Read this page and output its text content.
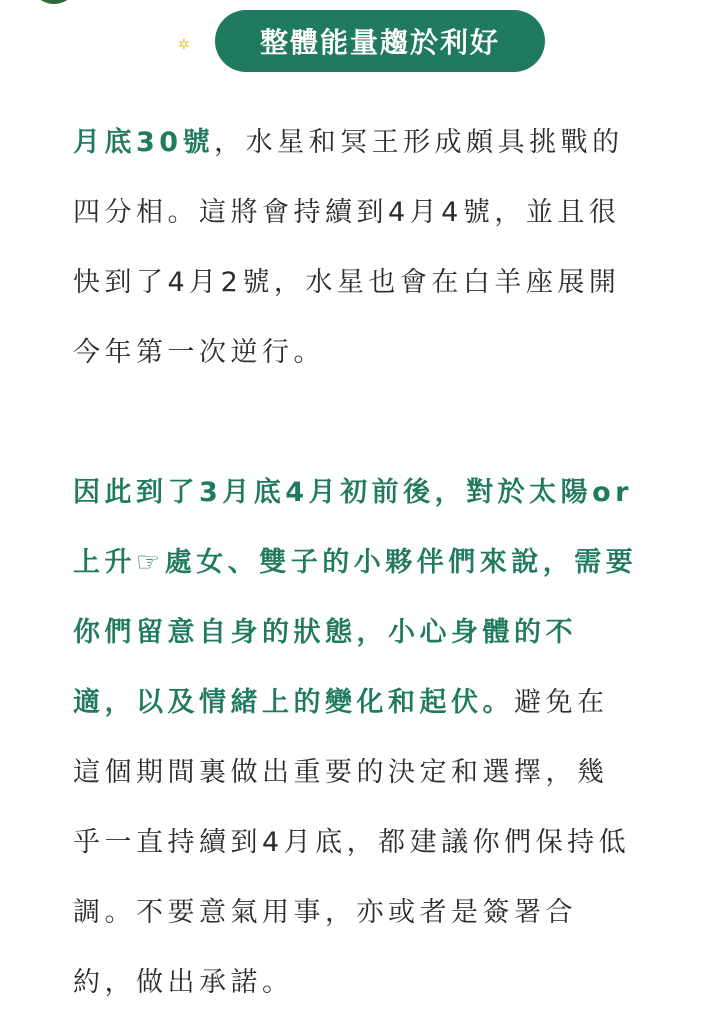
✲	整體能量趨於利好

月底30號，水星和冥王形成頗具挑戰的四分相。這將會持續到4月4號，並且很快到了4月2號，水星也會在白羊座展開今年第一次逆行。

因此到了3月底4月初前後，對於太陽or上升☞處女、雙子的小夥伴們來說，需要你們留意自身的狀態，小心身體的不適，以及情緒上的變化和起伏。避免在這個期間裏做出重要的決定和選擇，幾乎一直持續到4月底，都建議你們保持低調。不要意氣用事，亦或者是簽署合約，做出承諾。
